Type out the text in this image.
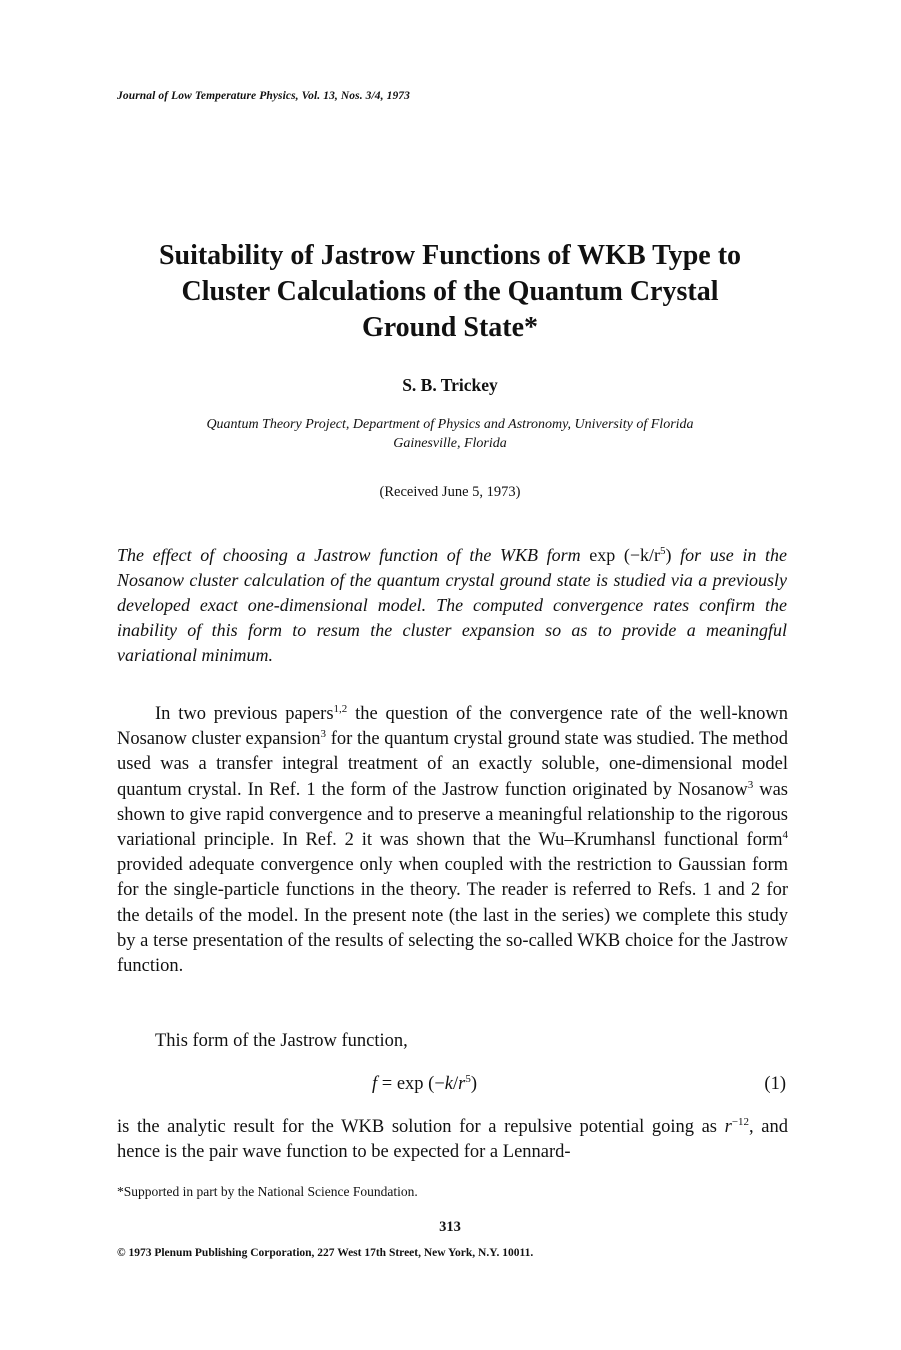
Journal of Low Temperature Physics, Vol. 13, Nos. 3/4, 1973
Suitability of Jastrow Functions of WKB Type to
Cluster Calculations of the Quantum Crystal
Ground State*
S. B. Trickey
Quantum Theory Project, Department of Physics and Astronomy, University of Florida
Gainesville, Florida
(Received June 5, 1973)
The effect of choosing a Jastrow function of the WKB form $\exp (-k/r^5)$ for use in the Nosanow cluster calculation of the quantum crystal ground state is studied via a previously developed exact one-dimensional model. The computed convergence rates confirm the inability of this form to resum the cluster expansion so as to provide a meaningful variational minimum.
In two previous papers$^{1,2}$ the question of the convergence rate of the well-known Nosanow cluster expansion$^3$ for the quantum crystal ground state was studied. The method used was a transfer integral treatment of an exactly soluble, one-dimensional model quantum crystal. In Ref. 1 the form of the Jastrow function originated by Nosanow$^3$ was shown to give rapid convergence and to preserve a meaningful relationship to the rigorous variational principle. In Ref. 2 it was shown that the Wu–Krumhansl functional form$^4$ provided adequate convergence only when coupled with the restriction to Gaussian form for the single-particle functions in the theory. The reader is referred to Refs. 1 and 2 for the details of the model. In the present note (the last in the series) we complete this study by a terse presentation of the results of selecting the so-called WKB choice for the Jastrow function.
This form of the Jastrow function,
$f = \exp (-k/r^5)$	(1)
is the analytic result for the WKB solution for a repulsive potential going as $r^{-12}$, and hence is the pair wave function to be expected for a Lennard-
*Supported in part by the National Science Foundation.
313
© 1973 Plenum Publishing Corporation, 227 West 17th Street, New York, N.Y. 10011.
